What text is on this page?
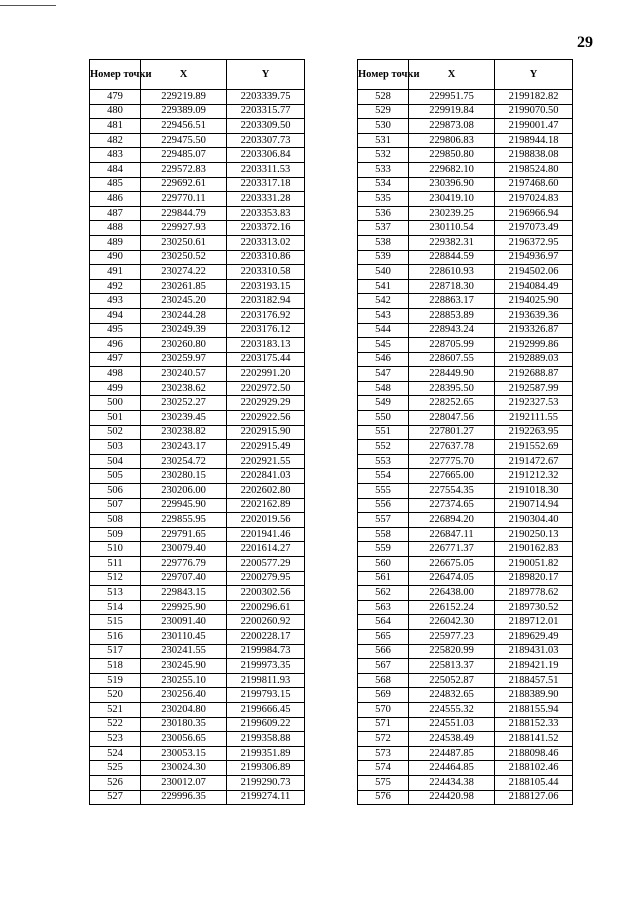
29
Номер точки	X	Y
479	229219.89	2203339.75
480	229389.09	2203315.77
481	229456.51	2203309.50
482	229475.50	2203307.73
483	229485.07	2203306.84
484	229572.83	2203311.53
485	229692.61	2203317.18
486	229770.11	2203331.28
487	229844.79	2203353.83
488	229927.93	2203372.16
489	230250.61	2203313.02
490	230250.52	2203310.86
491	230274.22	2203310.58
492	230261.85	2203193.15
493	230245.20	2203182.94
494	230244.28	2203176.92
495	230249.39	2203176.12
496	230260.80	2203183.13
497	230259.97	2203175.44
498	230240.57	2202991.20
499	230238.62	2202972.50
500	230252.27	2202929.29
501	230239.45	2202922.56
502	230238.82	2202915.90
503	230243.17	2202915.49
504	230254.72	2202921.55
505	230280.15	2202841.03
506	230206.00	2202602.80
507	229945.90	2202162.89
508	229855.95	2202019.56
509	229791.65	2201941.46
510	230079.40	2201614.27
511	229776.79	2200577.29
512	229707.40	2200279.95
513	229843.15	2200302.56
514	229925.90	2200296.61
515	230091.40	2200260.92
516	230110.45	2200228.17
517	230241.55	2199984.73
518	230245.90	2199973.35
519	230255.10	2199811.93
520	230256.40	2199793.15
521	230204.80	2199666.45
522	230180.35	2199609.22
523	230056.65	2199358.88
524	230053.15	2199351.89
525	230024.30	2199306.89
526	230012.07	2199290.73
527	229996.35	2199274.11
Номер точки	X	Y
528	229951.75	2199182.82
529	229919.84	2199070.50
530	229873.08	2199001.47
531	229806.83	2198944.18
532	229850.80	2198838.08
533	229682.10	2198524.80
534	230396.90	2197468.60
535	230419.10	2197024.83
536	230239.25	2196966.94
537	230110.54	2197073.49
538	229382.31	2196372.95
539	228844.59	2194936.97
540	228610.93	2194502.06
541	228718.30	2194084.49
542	228863.17	2194025.90
543	228853.89	2193639.36
544	228943.24	2193326.87
545	228705.99	2192999.86
546	228607.55	2192889.03
547	228449.90	2192688.87
548	228395.50	2192587.99
549	228252.65	2192327.53
550	228047.56	2192111.55
551	227801.27	2192263.95
552	227637.78	2191552.69
553	227775.70	2191472.67
554	227665.00	2191212.32
555	227554.35	2191018.30
556	227374.65	2190714.94
557	226894.20	2190304.40
558	226847.11	2190250.13
559	226771.37	2190162.83
560	226675.05	2190051.82
561	226474.05	2189820.17
562	226438.00	2189778.62
563	226152.24	2189730.52
564	226042.30	2189712.01
565	225977.23	2189629.49
566	225820.99	2189431.03
567	225813.37	2189421.19
568	225052.87	2188457.51
569	224832.65	2188389.90
570	224555.32	2188155.94
571	224551.03	2188152.33
572	224538.49	2188141.52
573	224487.85	2188098.46
574	224464.85	2188102.46
575	224434.38	2188105.44
576	224420.98	2188127.06
